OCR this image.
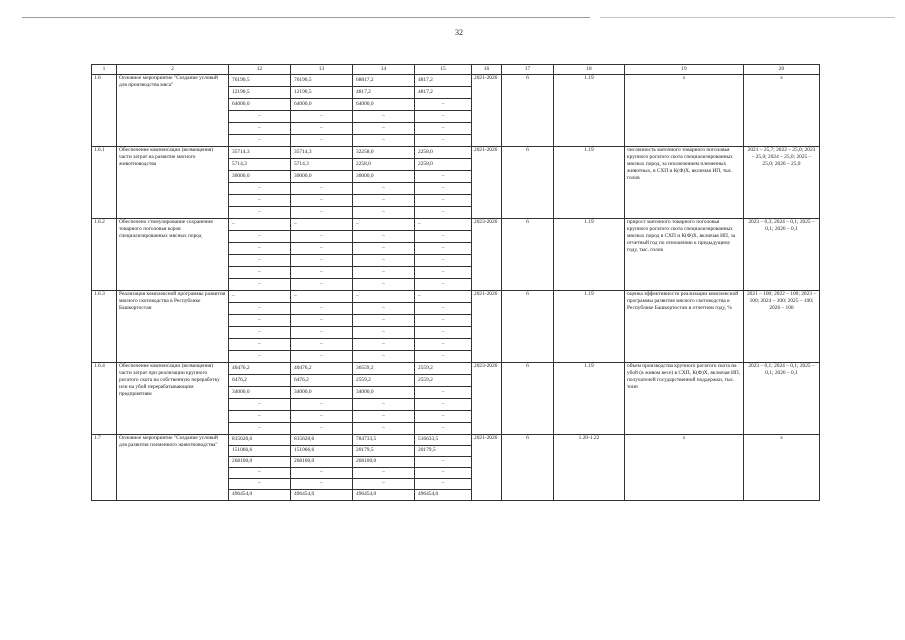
32
1	2	12	13	14	15	16	17	18	19	20
1.6	Основное мероприятие "Создание условий для производства мяса"	76190,5	76190,5	68817,2	4817,2	2021-2026	6	1.19	х	х
		12190,5	12190,5	4817,2	4817,2					
		64000,0	64000,0	64000,0	–					
		–	–	–	–					
		–	–	–	–					
		–	–	–	–					
1.6.1	Обеспечение компенсации (возмещения) части затрат на развитие мясного животноводства	35714,3	35714,3	32258,0	2258,0	2021-2026	6	1.19	численность маточного товарного поголовья крупного рогатого скота специализированных мясных пород, за исключением племенных животных, в СХП и К(Ф)Х, включая ИП, тыс. голов	2021 – 25,7; 2022 – 25,0; 2023 – 25,0; 2024 – 25,0; 2025 – 25,0; 2026 – 25,0
		5714,3	5714,3	2258,0	2258,0					
		30000,0	30000,0	30000,0	–					
		–	–	–	–					
		–	–	–	–					
		–	–	–	–					
1.6.2	Обеспечено стимулирование сохранения товарного поголовья коров специализированных мясных пород	–	–	–	–	2023-2026	6	1.19	прирост маточного товарного поголовья крупного рогатого скота специализированных мясных пород в СХП и К(Ф)Х, включая ИП, за отчетный год по отношению к предыдущему году, тыс. голов	2023 – 0,3; 2024 – 0,1; 2025 – 0,1; 2026 – 0,1
		–	–	–	–					
		–	–	–	–					
		–	–	–	–					
		–	–	–	–					
		–	–	–	–					
1.6.3	Реализация комплексной программы развития мясного скотоводства в Республике Башкортостан	–	–	–	–	2021-2026	6	1.19	оценка эффективности реализации комплексной программы развития мясного скотоводства в Республике Башкортостан в отчетном году, %	2021 – 100; 2022 – 100; 2023 – 100; 2024 – 100; 2025 – 100; 2026 – 100
		–	–	–	–					
		–	–	–	–					
		–	–	–	–					
		–	–	–	–					
		–	–	–	–					
1.6.4	Обеспечение компенсации (возмещения) части затрат при реализации крупного рогатого скота на собственную переработку или на убой перерабатывающим предприятиям	40476,2	40476,2	36559,2	2559,2	2023-2026	6	1.19	объем производства крупного рогатого скота на убой (в живом весе) в СХП, К(Ф)Х, включая ИП, получателей государственной поддержки, тыс. тонн	2023 – 0,1; 2024 – 0,1; 2025 – 0,1; 2026 – 0,1
		6476,2	6476,2	2559,2	2559,2					
		34000,0	34000,0	34000,0	–					
		–	–	–	–					
		–	–	–	–					
		–	–	–	–					
1.7	Основное мероприятие "Создание условий для развития племенного животноводства"	815620,6	815620,6	784733,5	516633,5	2021-2026	6	1.20-1.22	х	х
		151066,6	151066,6	20179,5	20179,5					
		268100,0	268100,0	268100,0	–					
		–	–	–	–					
		–	–	–	–					
		496454,0	496454,0	496454,0	496454,0					
